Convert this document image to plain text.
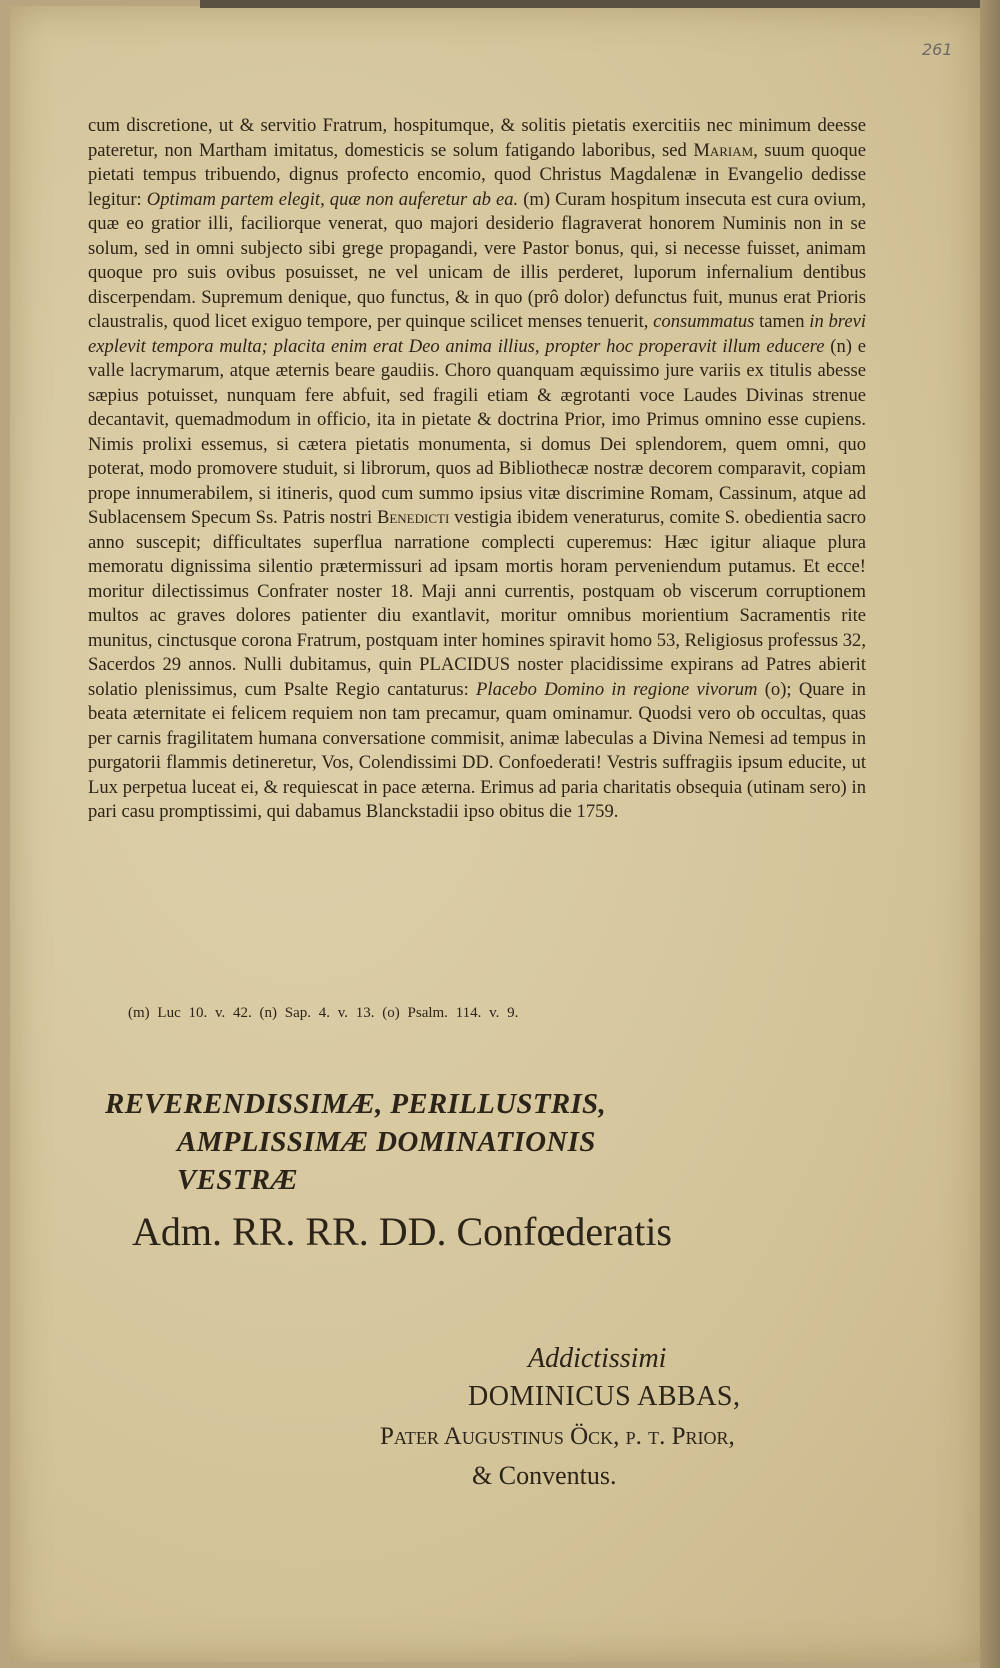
261

cum discretione, ut & servitio Fratrum, hospitumque, & solitis pietatis exercitiis nec minimum deesse pateretur, non Martham imitatus, domesticis se solum fatigando laboribus, sed Mariam, suum quoque pietati tempus tribuendo, dignus profecto encomio, quod Christus Magdalenæ in Evangelio dedisse legitur: Optimam partem elegit, quæ non auferetur ab ea. (m) Curam hospitum insecuta est cura ovium, quæ eo gratior illi, faciliorque venerat, quo majori desiderio flagraverat honorem Numinis non in se solum, sed in omni subjecto sibi grege propagandi, vere Pastor bonus, qui, si necesse fuisset, animam quoque pro suis ovibus posuisset, ne vel unicam de illis perderet, luporum infernalium dentibus discerpendam. Supremum denique, quo functus, & in quo (prô dolor) defunctus fuit, munus erat Prioris claustralis, quod licet exiguo tempore, per quinque scilicet menses tenuerit, consummatus tamen in brevi explevit tempora multa; placita enim erat Deo anima illius, propter hoc properavit illum educere (n) e valle lacrymarum, atque æternis beare gaudiis. Choro quanquam æquissimo jure variis ex titulis abesse sæpius potuisset, nunquam fere abfuit, sed fragili etiam & ægrotanti voce Laudes Divinas strenue decantavit, quemadmodum in officio, ita in pietate & doctrina Prior, imo Primus omnino esse cupiens. Nimis prolixi essemus, si cætera pietatis monumenta, si domus Dei splendorem, quem omni, quo poterat, modo promovere studuit, si librorum, quos ad Bibliothecæ nostræ decorem comparavit, copiam prope innumerabilem, si itineris, quod cum summo ipsius vitæ discrimine Romam, Cassinum, atque ad Sublacensem Specum Ss. Patris nostri Benedicti vestigia ibidem veneraturus, comite S. obedientia sacro anno suscepit; difficultates superflua narratione complecti cuperemus: Hæc igitur aliaque plura memoratu dignissima silentio prætermissuri ad ipsam mortis horam perveniendum putamus. Et ecce! moritur dilectissimus Confrater noster 18. Maji anni currentis, postquam ob viscerum corruptionem multos ac graves dolores patienter diu exantlavit, moritur omnibus morientium Sacramentis rite munitus, cinctusque corona Fratrum, postquam inter homines spiravit homo 53, Religiosus professus 32, Sacerdos 29 annos. Nulli dubitamus, quin PLACIDUS noster placidissime expirans ad Patres abierit solatio plenissimus, cum Psalte Regio cantaturus: Placebo Domino in regione vivorum (o); Quare in beata æternitate ei felicem requiem non tam precamur, quam ominamur. Quodsi vero ob occultas, quas per carnis fragilitatem humana conversatione commisit, animæ labeculas a Divina Nemesi ad tempus in purgatorii flammis detineretur, Vos, Colendissimi DD. Confoederati! Vestris suffragiis ipsum educite, ut Lux perpetua luceat ei, & requiescat in pace æterna. Erimus ad paria charitatis obsequia (utinam sero) in pari casu promptissimi, qui dabamus Blanckstadii ipso obitus die 1759.

(m) Luc 10. v. 42. (n) Sap. 4. v. 13. (o) Psalm. 114. v. 9.
REVERENDISSIMÆ, PERILLUSTRIS,
AMPLISSIMÆ DOMINATIONIS
VESTRÆ
Adm. RR. RR. DD. Confœderatis
Addictissimi
DOMINICUS ABBAS,
Pater Augustinus Öck, p. t. Prior,
& Conventus.
